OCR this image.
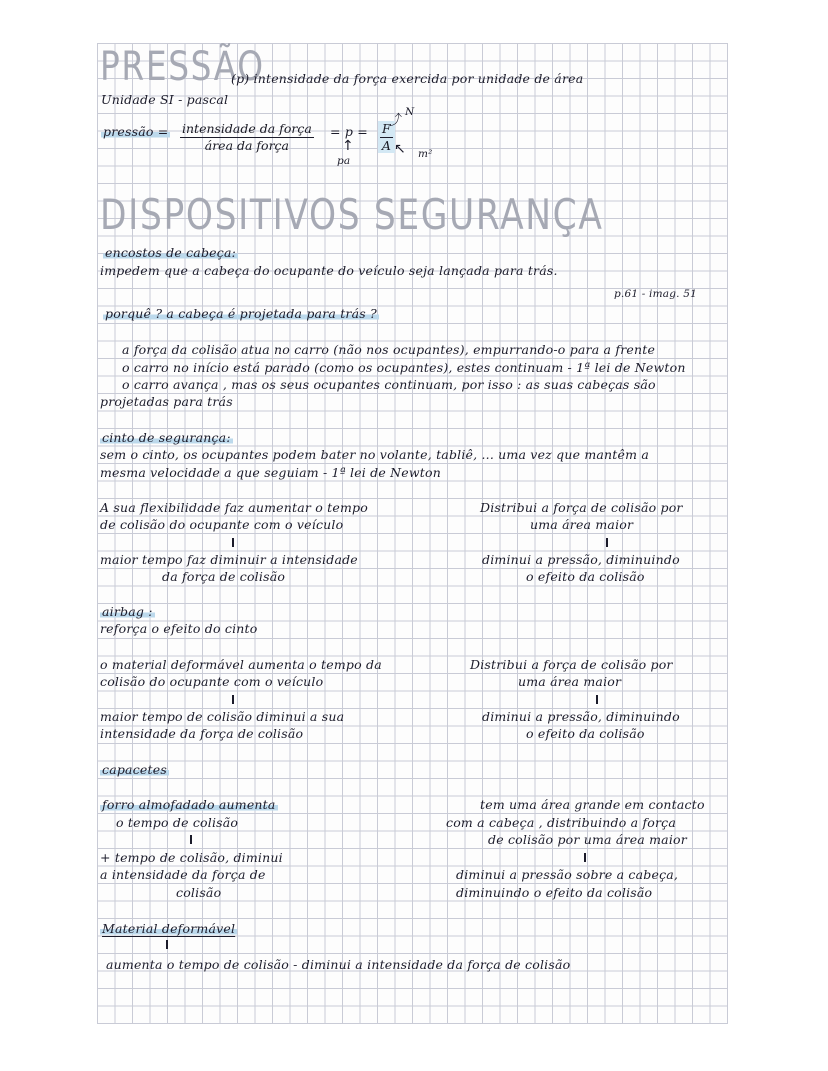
PRESSÃO
(p) intensidade da força exercida por unidade de área
Unidade SI - pascal
pressão = intensidade da força
área da força
= $p = \frac{F}{A}$
⤴
N
↖ m²
↑
pa
DISPOSITIVOS SEGURANÇA
encostos de cabeça:
impedem que a cabeça do ocupante do veículo seja lançada para trás.
p.61 - imag. 51
porquê ? a cabeça é projetada para trás ?
a força da colisão atua no carro (não nos ocupantes), empurrando-o para a frente
o carro no início está parado (como os ocupantes), estes continuam - 1ª lei de Newton
o carro avança , mas os seus ocupantes continuam, por isso : as suas cabeças são
projetadas para trás
cinto de segurança:
sem o cinto, os ocupantes podem bater no volante, tabliê, ... uma vez que mantêm a
mesma velocidade a que seguiam - 1ª lei de Newton
A sua flexibilidade faz aumentar o tempo
de colisão do ocupante com o veículo
maior tempo faz diminuir a intensidade
da força de colisão
Distribui a força de colisão por
uma área maior
diminui a pressão, diminuindo
o efeito da colisão
airbag :
reforça o efeito do cinto
o material deformável aumenta o tempo da
colisão do ocupante com o veículo
maior tempo de colisão diminui a sua
intensidade da força de colisão
Distribui a força de colisão por
uma área maior
diminui a pressão, diminuindo
o efeito da colisão
capacetes
forro almofadado aumenta
o tempo de colisão
+ tempo de colisão, diminui
a intensidade da força de
colisão
tem uma área grande em contacto
com a cabeça , distribuindo a força
de colisão por uma área maior
diminui a pressão sobre a cabeça,
diminuindo o efeito da colisão
Material deformável
aumenta o tempo de colisão - diminui a intensidade da força de colisão
